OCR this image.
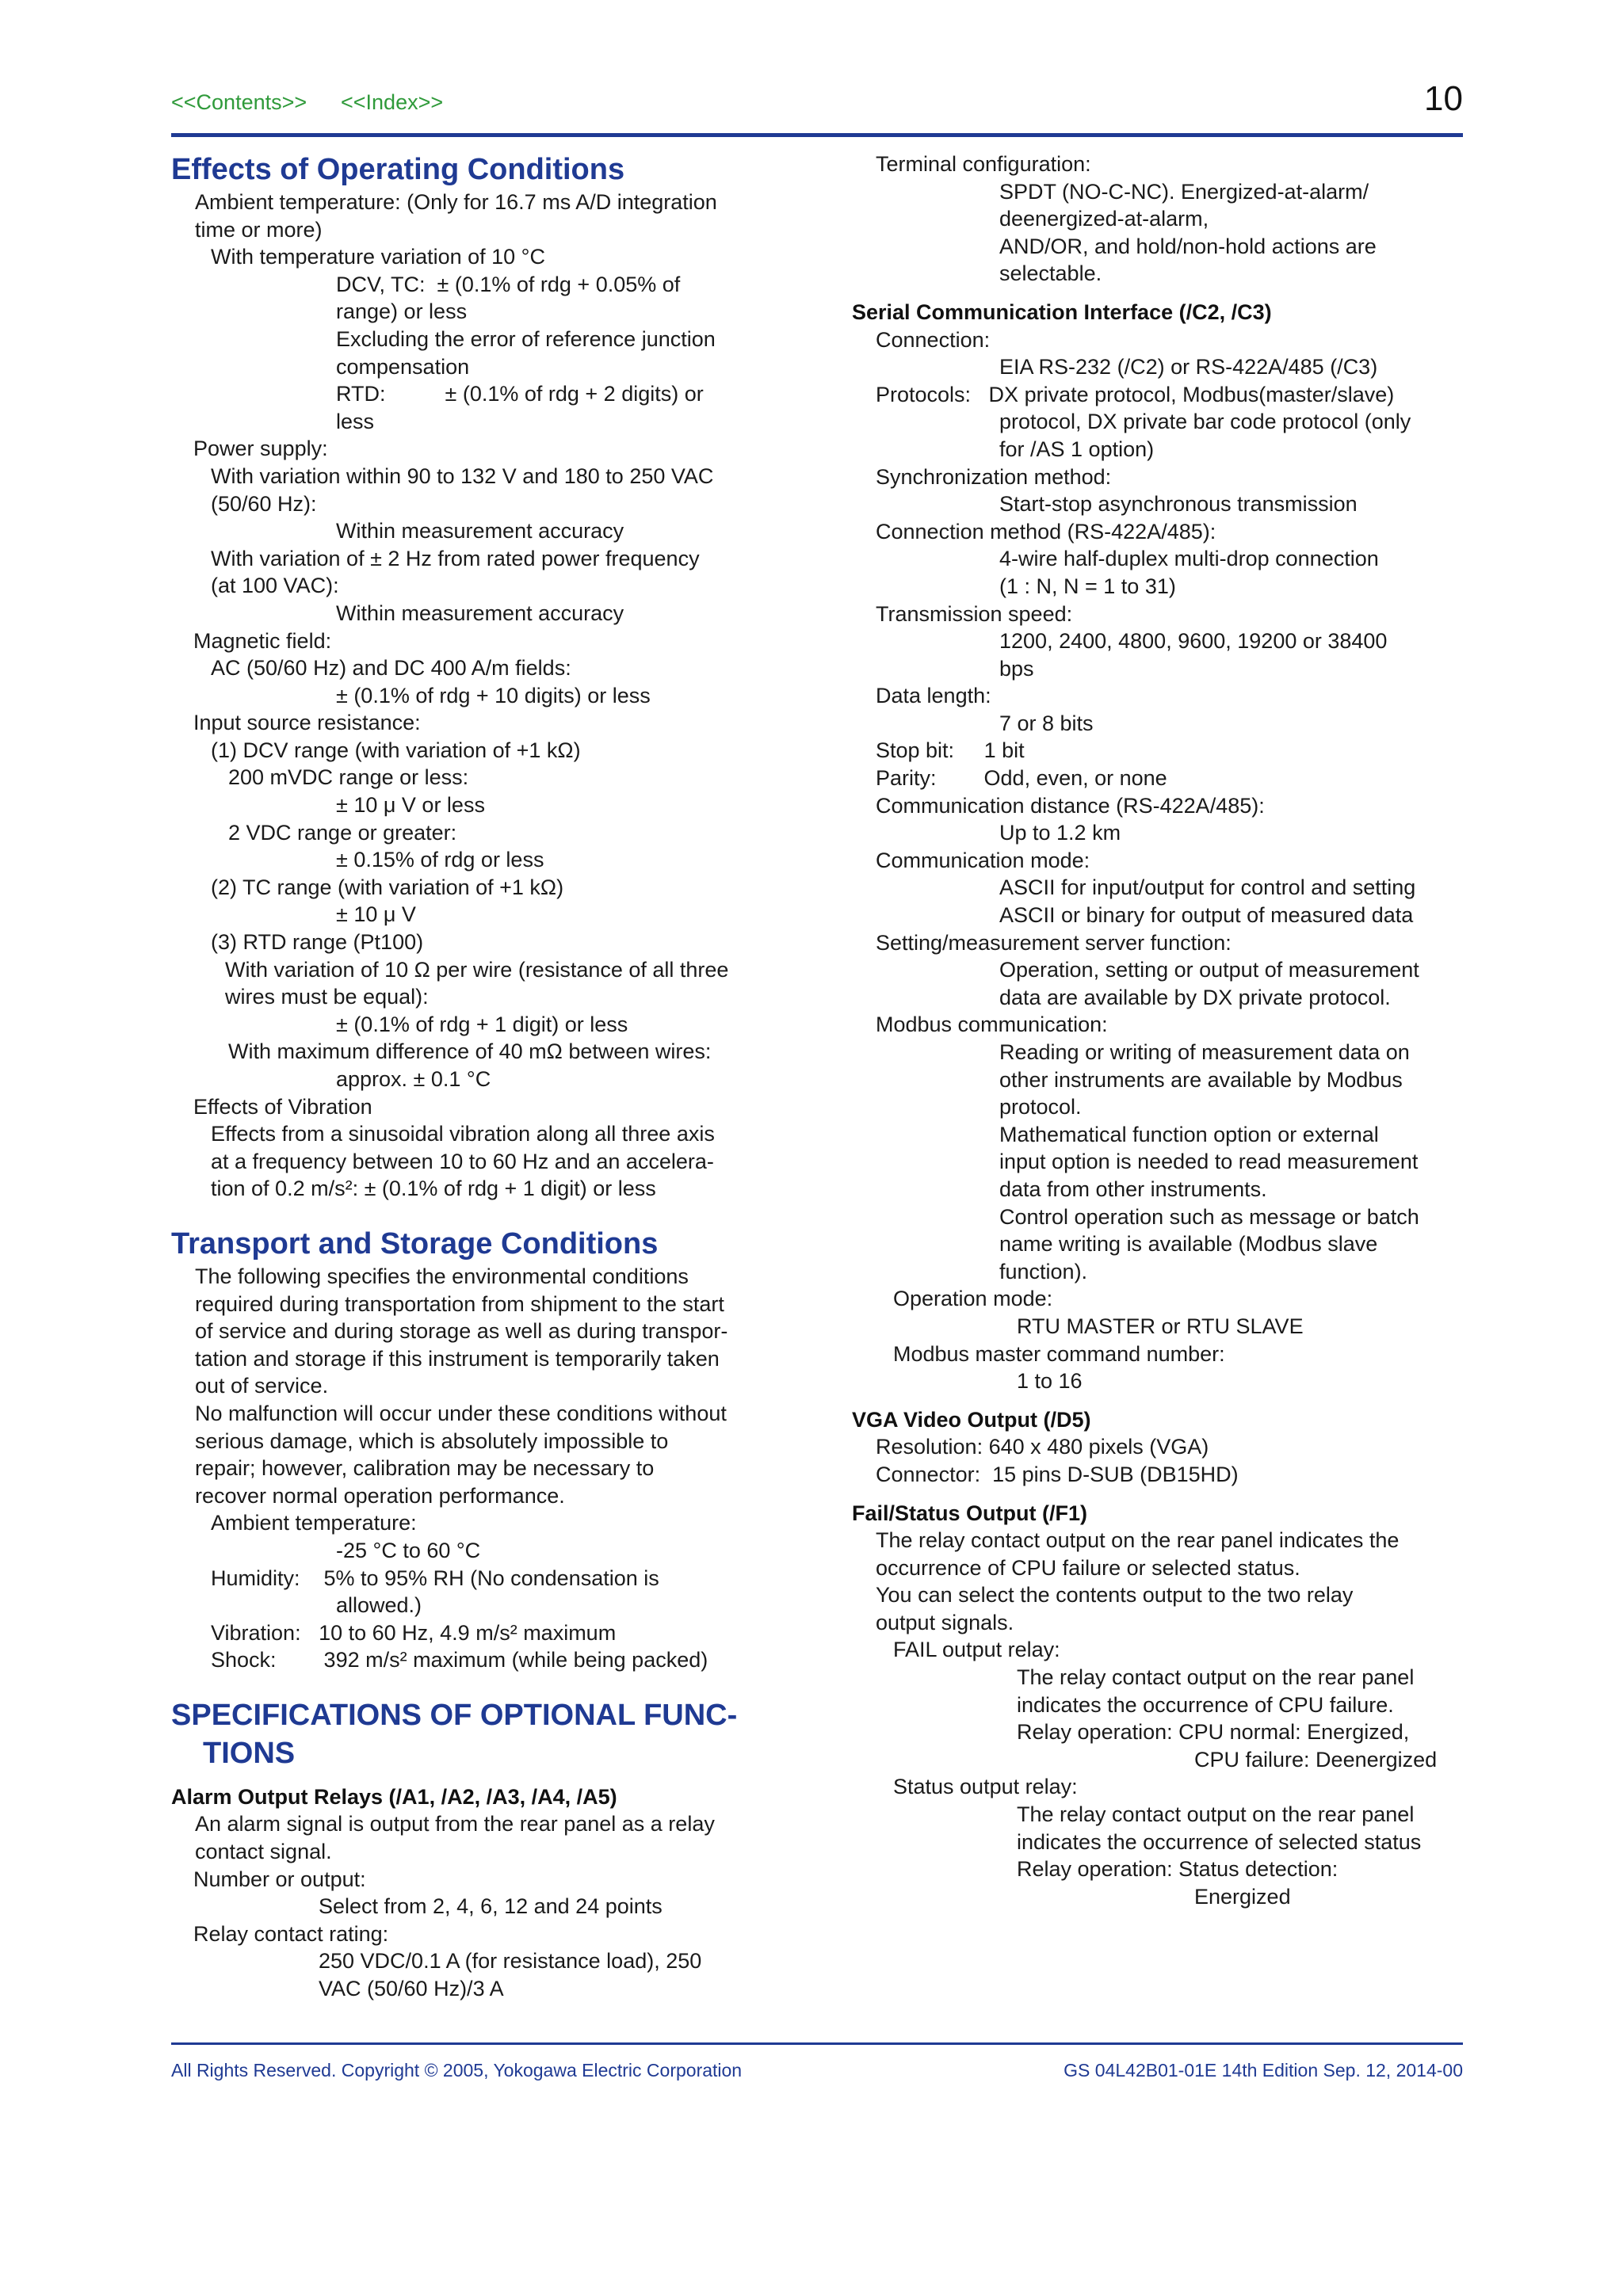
<<Contents>> <<Index>>	10
Effects of Operating Conditions
Ambient temperature: (Only for 16.7 ms A/D integration
time or more)
With temperature variation of 10 °C
DCV, TC:  ± (0.1% of rdg + 0.05% of
range) or less
Excluding the error of reference junction
compensation
RTD:          ± (0.1% of rdg + 2 digits) or
less
Power supply:
With variation within 90 to 132 V and 180 to 250 VAC
(50/60 Hz):
Within measurement accuracy
With variation of ± 2 Hz from rated power frequency
(at 100 VAC):
Within measurement accuracy
Magnetic field:
AC (50/60 Hz) and DC 400 A/m fields:
± (0.1% of rdg + 10 digits) or less
Input source resistance:
(1) DCV range (with variation of +1 kΩ)
200 mVDC range or less:
± 10 μ V or less
2 VDC range or greater:
± 0.15% of rdg or less
(2) TC range (with variation of +1 kΩ)
± 10 μ V
(3) RTD range (Pt100)
With variation of 10 Ω per wire (resistance of all three
wires must be equal):
± (0.1% of rdg + 1 digit) or less
With maximum difference of 40 mΩ between wires:
approx. ± 0.1 °C
Effects of Vibration
Effects from a sinusoidal vibration along all three axis
at a frequency between 10 to 60 Hz and an accelera-
tion of 0.2 m/s²: ± (0.1% of rdg + 1 digit) or less
Transport and Storage Conditions
The following specifies the environmental conditions
required during transportation from shipment to the start
of service and during storage as well as during transpor-
tation and storage if this instrument is temporarily taken
out of service.
No malfunction will occur under these conditions without
serious damage, which is absolutely impossible to
repair; however, calibration may be necessary to
recover normal operation performance.
Ambient temperature:
-25 °C to 60 °C
Humidity:    5% to 95% RH (No condensation is
allowed.)
Vibration:   10 to 60 Hz, 4.9 m/s² maximum
Shock:        392 m/s² maximum (while being packed)
SPECIFICATIONS OF OPTIONAL FUNC-
TIONS
Alarm Output Relays (/A1, /A2, /A3, /A4, /A5)
An alarm signal is output from the rear panel as a relay
contact signal.
Number or output:
Select from 2, 4, 6, 12 and 24 points
Relay contact rating:
250 VDC/0.1 A (for resistance load), 250
VAC (50/60 Hz)/3 A
Terminal configuration:
SPDT (NO-C-NC). Energized-at-alarm/
deenergized-at-alarm,
AND/OR, and hold/non-hold actions are
selectable.
Serial Communication Interface (/C2, /C3)
Connection:
EIA RS-232 (/C2) or RS-422A/485 (/C3)
Protocols:   DX private protocol, Modbus(master/slave)
protocol, DX private bar code protocol (only
for /AS 1 option)
Synchronization method:
Start-stop asynchronous transmission
Connection method (RS-422A/485):
4-wire half-duplex multi-drop connection
(1 : N, N = 1 to 31)
Transmission speed:
1200, 2400, 4800, 9600, 19200 or 38400
bps
Data length:
7 or 8 bits
Stop bit:     1 bit
Parity:        Odd, even, or none
Communication distance (RS-422A/485):
Up to 1.2 km
Communication mode:
ASCII for input/output for control and setting
ASCII or binary for output of measured data
Setting/measurement server function:
Operation, setting or output of measurement
data are available by DX private protocol.
Modbus communication:
Reading or writing of measurement data on
other instruments are available by Modbus
protocol.
Mathematical function option or external
input option is needed to read measurement
data from other instruments.
Control operation such as message or batch
name writing is available (Modbus slave
function).
Operation mode:
RTU MASTER or RTU SLAVE
Modbus master command number:
1 to 16
VGA Video Output (/D5)
Resolution: 640 x 480 pixels (VGA)
Connector:  15 pins D-SUB (DB15HD)
Fail/Status Output (/F1)
The relay contact output on the rear panel indicates the
occurrence of CPU failure or selected status.
You can select the contents output to the two relay
output signals.
FAIL output relay:
The relay contact output on the rear panel
indicates the occurrence of CPU failure.
Relay operation: CPU normal: Energized,
CPU failure: Deenergized
Status output relay:
The relay contact output on the rear panel
indicates the occurrence of selected status
Relay operation: Status detection:
Energized
All Rights Reserved. Copyright © 2005, Yokogawa Electric Corporation	GS 04L42B01-01E 14th Edition Sep. 12, 2014-00
